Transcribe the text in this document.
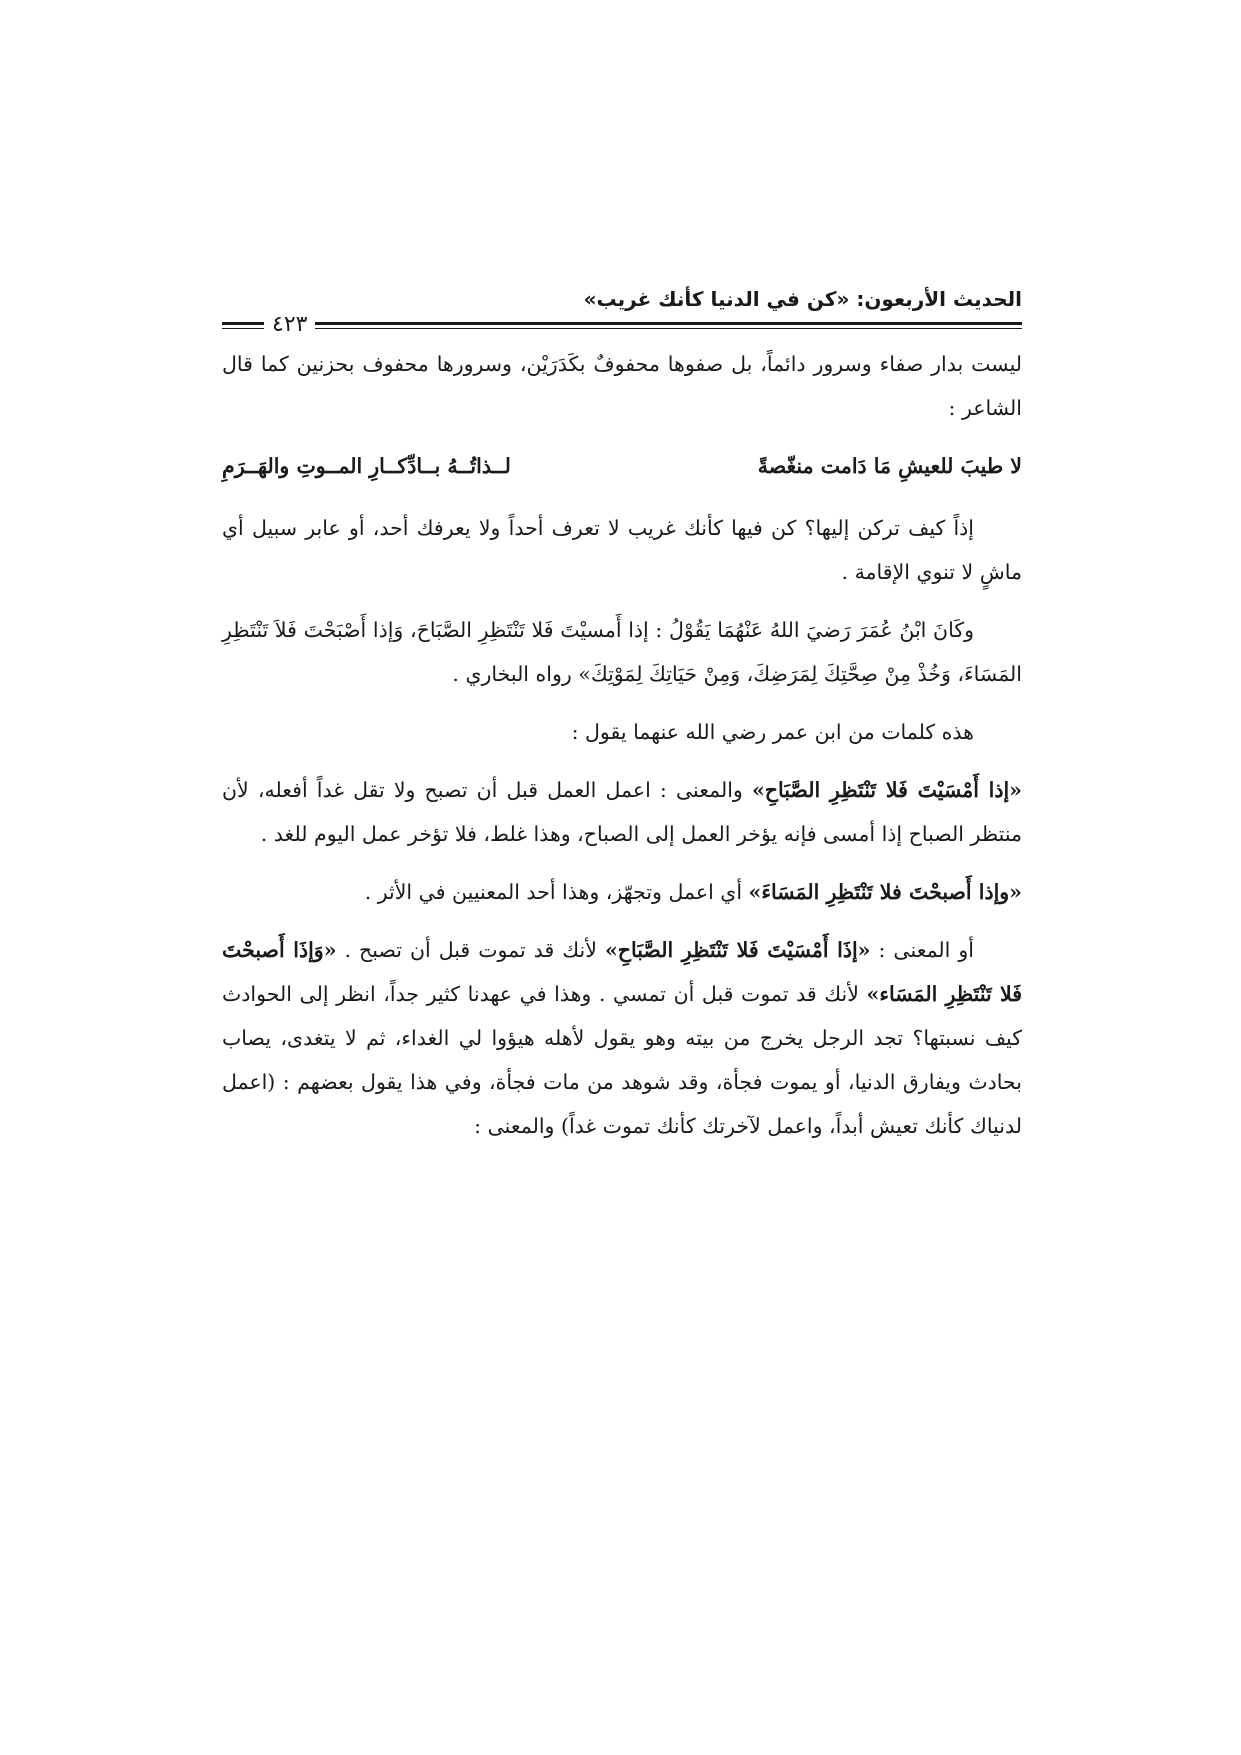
الحديث الأربعون: «كن في الدنيا كأنك غريب»
٤٢٣

ليست بدار صفاء وسرور دائماً، بل صفوها محفوفٌ بكَدَرَيْن، وسرورها محفوف بحزنين كما قال الشاعر :

لا طيبَ للعيشِ مَا دَامت منغّصةً
لــذاتُــهُ بــادِّكــارِ المــوتِ والهَــرَمِ

إذاً كيف تركن إليها؟ كن فيها كأنك غريب لا تعرف أحداً ولا يعرفك أحد، أو عابر سبيل أي ماشٍ لا تنوي الإقامة .

وكَانَ ابْنُ عُمَرَ رَضيَ اللهُ عَنْهُمَا يَقُوْلُ : إذا أَمسيْتَ فَلا تَنْتَظِرِ الصَّبَاحَ، وَإذا أَصْبَحْتَ فَلاَ تَنْتَظِرِ المَسَاءَ، وَخُذْ مِنْ صِحَّتِكَ لِمَرَضِكَ، وَمِنْ حَيَاتِكَ لِمَوْتِكَ» رواه البخاري .

هذه كلمات من ابن عمر رضي الله عنهما يقول :

«إذا أَمْسَيْتَ فَلا تَنْتَظِرِ الصَّبَاحِ» والمعنى : اعمل العمل قبل أن تصبح ولا تقل غداً أفعله، لأن منتظر الصباح إذا أمسى فإنه يؤخر العمل إلى الصباح، وهذا غلط، فلا تؤخر عمل اليوم للغد .

«وإذا أَصبحْتَ فلا تَنْتَظِرِ المَسَاءَ» أي اعمل وتجهّز، وهذا أحد المعنيين في الأثر .

أو المعنى : «إذَا أَمْسَيْتَ فَلا تَنْتَظِرِ الصَّبَاحِ» لأنك قد تموت قبل أن تصبح . «وَإذَا أَصبحْتَ فَلا تَنْتَظِرِ المَسَاء» لأنك قد تموت قبل أن تمسي . وهذا في عهدنا كثير جداً، انظر إلى الحوادث كيف نسبتها؟ تجد الرجل يخرج من بيته وهو يقول لأهله هيؤوا لي الغداء، ثم لا يتغدى، يصاب بحادث ويفارق الدنيا، أو يموت فجأة، وقد شوهد من مات فجأة، وفي هذا يقول بعضهم : (اعمل لدنياك كأنك تعيش أبداً، واعمل لآخرتك كأنك تموت غداً) والمعنى :
